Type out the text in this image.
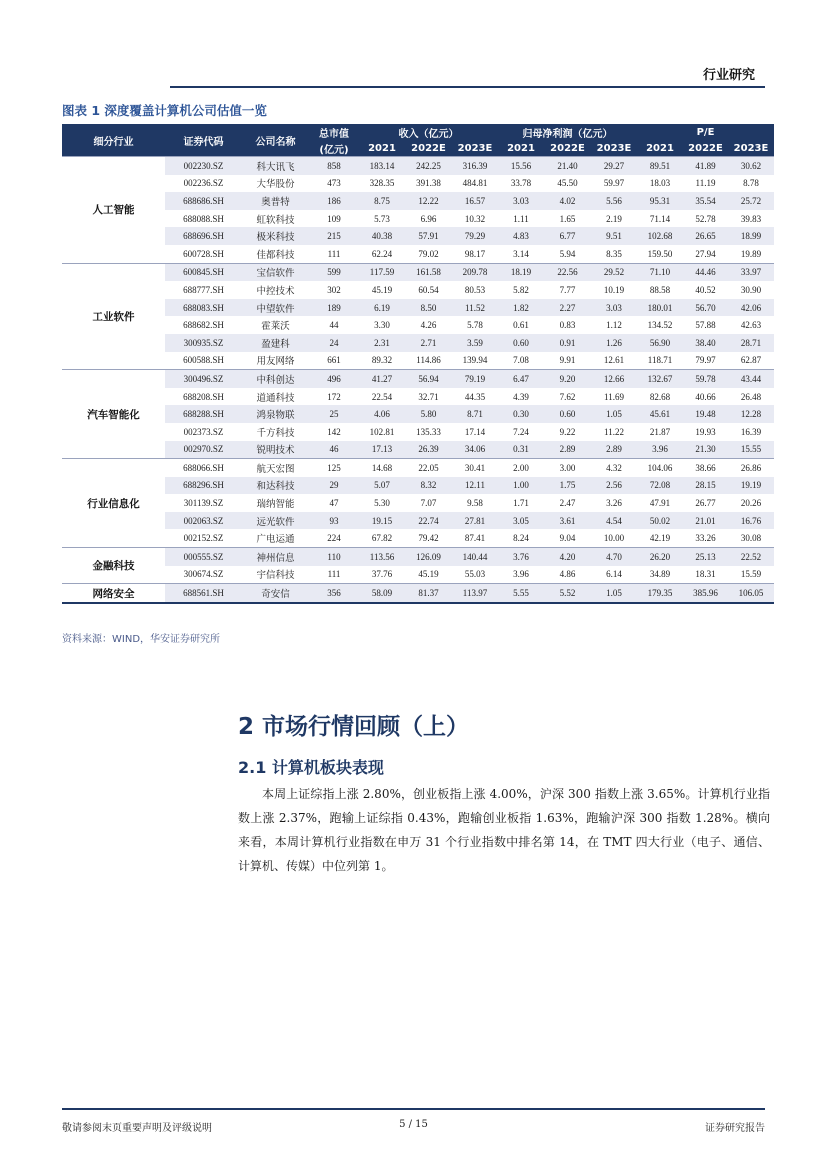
行业研究
图表 1 深度覆盖计算机公司估值一览
细分行业	证券代码	公司名称	总市值	收入（亿元）			归母净利润（亿元）			P/E		
			(亿元)	2021	2022E	2023E	2021	2022E	2023E	2021	2022E	2023E
人工智能	002230.SZ	科大讯飞	858	183.14	242.25	316.39	15.56	21.40	29.27	89.51	41.89	30.62
	002236.SZ	大华股份	473	328.35	391.38	484.81	33.78	45.50	59.97	18.03	11.19	8.78
	688686.SH	奥普特	186	8.75	12.22	16.57	3.03	4.02	5.56	95.31	35.54	25.72
	688088.SH	虹软科技	109	5.73	6.96	10.32	1.11	1.65	2.19	71.14	52.78	39.83
	688696.SH	极米科技	215	40.38	57.91	79.29	4.83	6.77	9.51	102.68	26.65	18.99
	600728.SH	佳都科技	111	62.24	79.02	98.17	3.14	5.94	8.35	159.50	27.94	19.89
工业软件	600845.SH	宝信软件	599	117.59	161.58	209.78	18.19	22.56	29.52	71.10	44.46	33.97
	688777.SH	中控技术	302	45.19	60.54	80.53	5.82	7.77	10.19	88.58	40.52	30.90
	688083.SH	中望软件	189	6.19	8.50	11.52	1.82	2.27	3.03	180.01	56.70	42.06
	688682.SH	霍莱沃	44	3.30	4.26	5.78	0.61	0.83	1.12	134.52	57.88	42.63
	300935.SZ	盈建科	24	2.31	2.71	3.59	0.60	0.91	1.26	56.90	38.40	28.71
	600588.SH	用友网络	661	89.32	114.86	139.94	7.08	9.91	12.61	118.71	79.97	62.87
汽车智能化	300496.SZ	中科创达	496	41.27	56.94	79.19	6.47	9.20	12.66	132.67	59.78	43.44
	688208.SH	道通科技	172	22.54	32.71	44.35	4.39	7.62	11.69	82.68	40.66	26.48
	688288.SH	鸿泉物联	25	4.06	5.80	8.71	0.30	0.60	1.05	45.61	19.48	12.28
	002373.SZ	千方科技	142	102.81	135.33	17.14	7.24	9.22	11.22	21.87	19.93	16.39
	002970.SZ	锐明技术	46	17.13	26.39	34.06	0.31	2.89	2.89	3.96	21.30	15.55
行业信息化	688066.SH	航天宏图	125	14.68	22.05	30.41	2.00	3.00	4.32	104.06	38.66	26.86
	688296.SH	和达科技	29	5.07	8.32	12.11	1.00	1.75	2.56	72.08	28.15	19.19
	301139.SZ	瑞纳智能	47	5.30	7.07	9.58	1.71	2.47	3.26	47.91	26.77	20.26
	002063.SZ	远光软件	93	19.15	22.74	27.81	3.05	3.61	4.54	50.02	21.01	16.76
	002152.SZ	广电运通	224	67.82	79.42	87.41	8.24	9.04	10.00	42.19	33.26	30.08
金融科技	000555.SZ	神州信息	110	113.56	126.09	140.44	3.76	4.20	4.70	26.20	25.13	22.52
	300674.SZ	宇信科技	111	37.76	45.19	55.03	3.96	4.86	6.14	34.89	18.31	15.59
网络安全	688561.SH	奇安信	356	58.09	81.37	113.97	5.55	5.52	1.05	179.35	385.96	106.05
资料来源：WIND，华安证券研究所
2 市场行情回顾（上）
2.1 计算机板块表现

本周上证综指上涨 2.80%，创业板指上涨 4.00%，沪深 300 指数上涨 3.65%。计算机行业指数上涨 2.37%，跑输上证综指 0.43%，跑输创业板指 1.63%，跑输沪深 300 指数 1.28%。横向来看，本周计算机行业指数在申万 31 个行业指数中排名第 14，在 TMT 四大行业（电子、通信、计算机、传媒）中位列第 1。

敬请参阅末页重要声明及评级说明	5 / 15	证券研究报告
